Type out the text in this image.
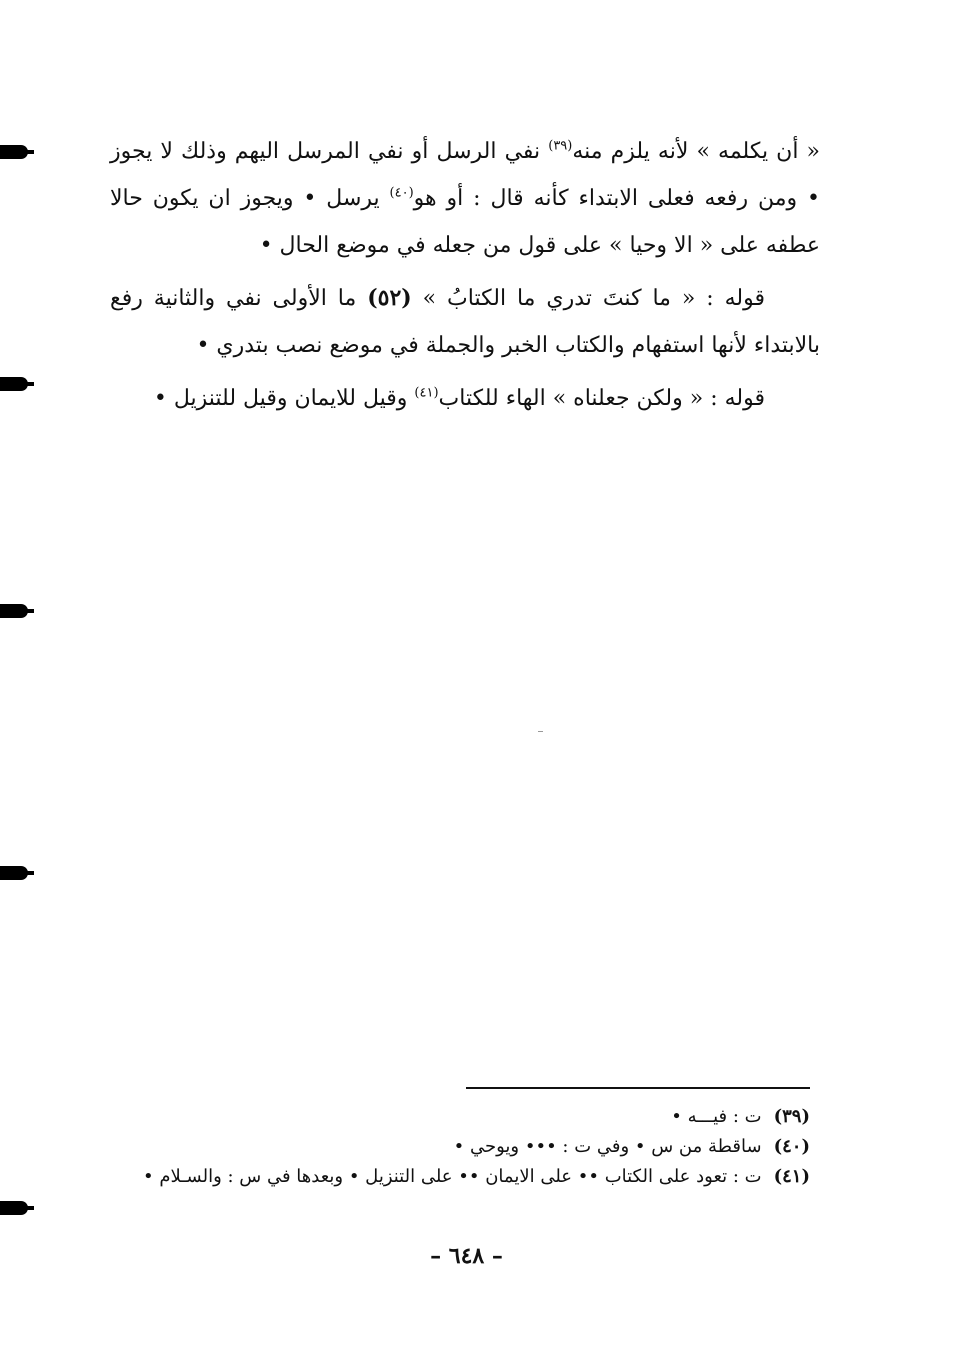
« أن يكلمه » لأنه يلزم منه$^{(٣٩)}$ نفي الرسل أو نفي المرسل اليهم وذلك لا يجوز • ومن رفعه فعلى الابتداء كأنه قال : أو هو$^{(٤٠)}$ يرسل • ويجوز ان يكون حالا عطفه على « الا وحيا » على قول من جعله في موضع الحال •

قوله : « ما كنتَ تدري ما الكتابُ » (٥٢) ما الأولى نفي والثانية رفع بالابتداء لأنها استفهام والكتاب الخبر والجملة في موضع نصب بتدري •

قوله : « ولكن جعلناه » الهاء للكتاب$^{(٤١)}$ وقيل للايمان وقيل للتنزيل •

(٣٩)
ت : فيـــه •
(٤٠)
ساقطة من س • وفي ت : ••• ويوحي •
(٤١)
ت : تعود على الكتاب •• على الايمان •• على التنزيل • وبعدها في س : والسـلام •
– ٦٤٨ –
